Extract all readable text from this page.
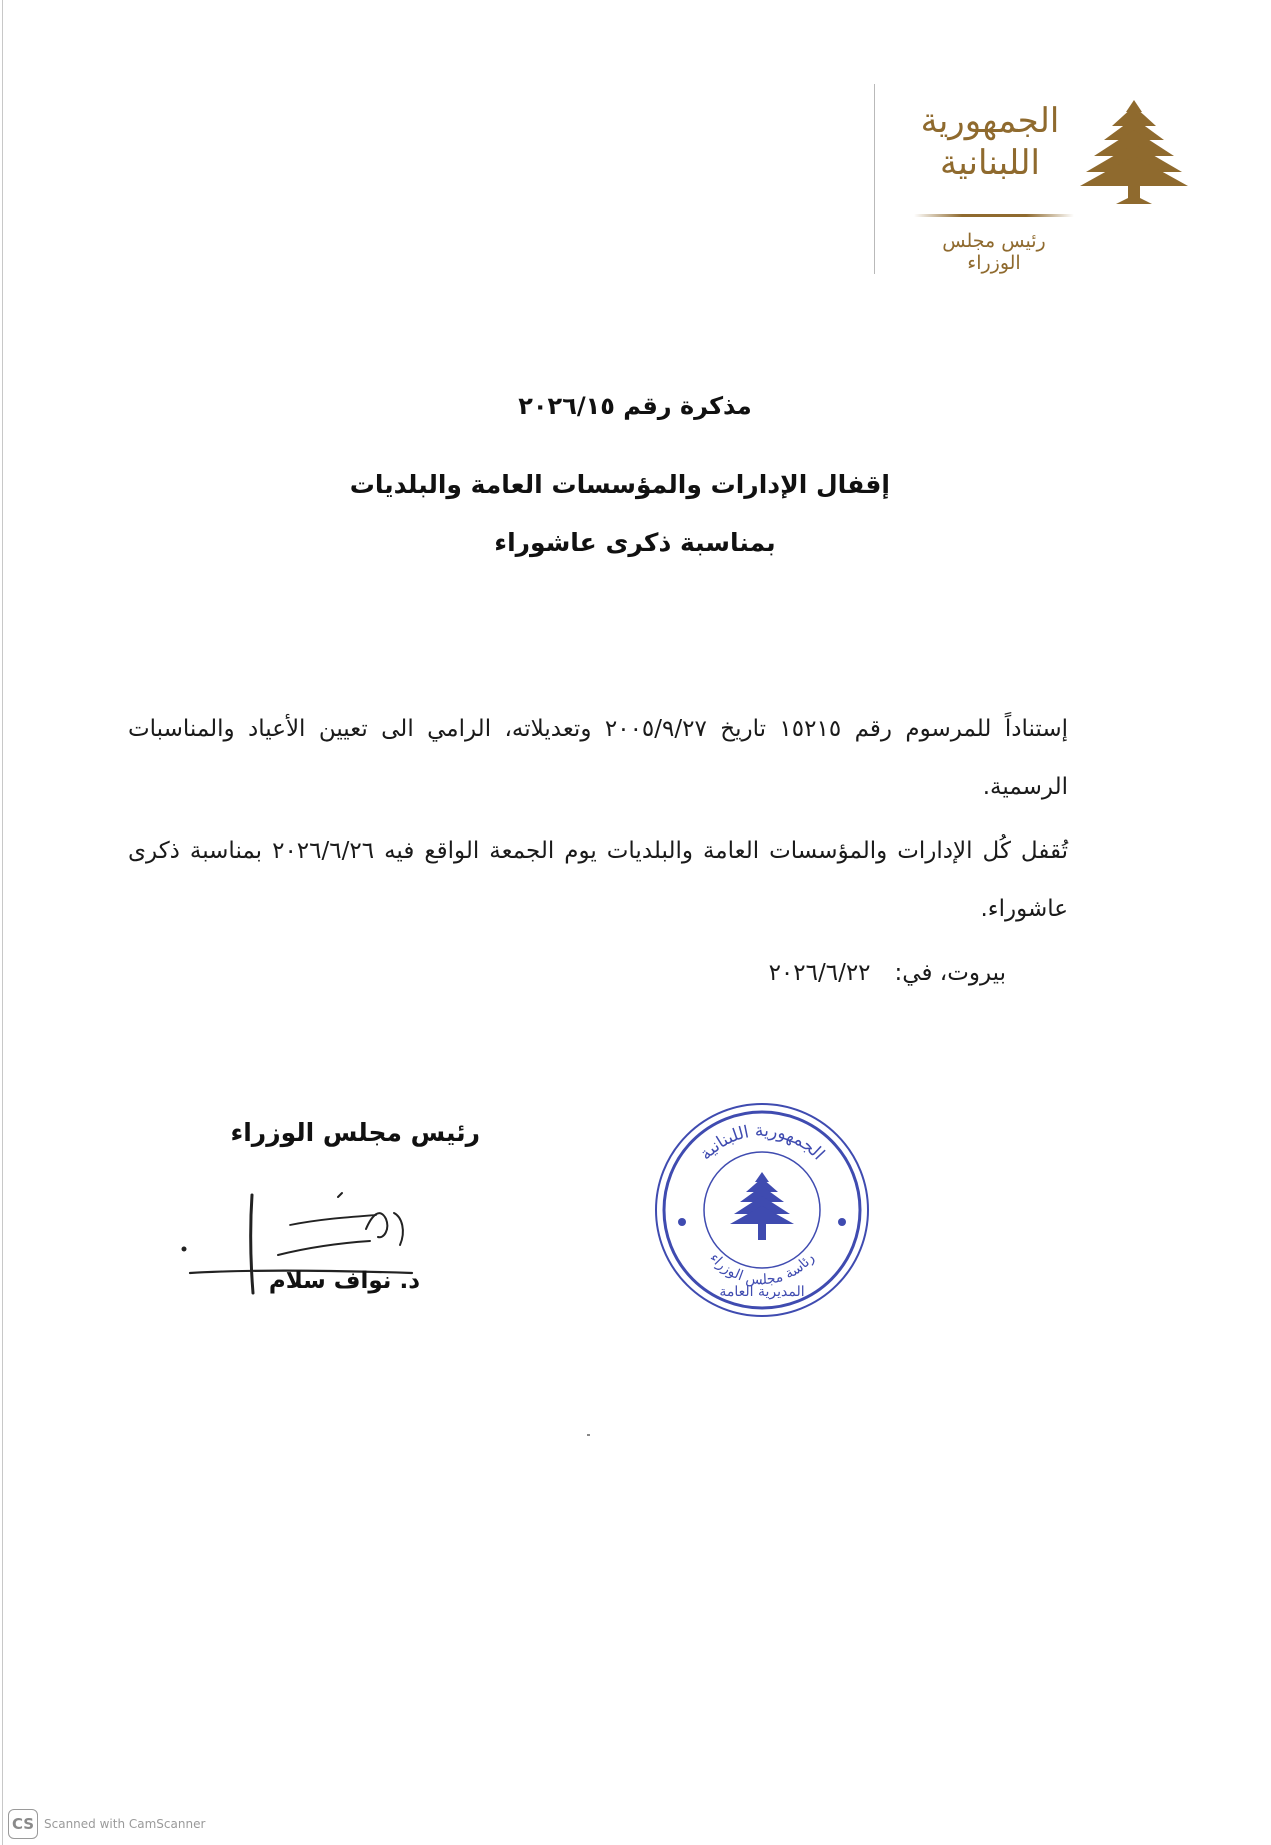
الجمهورية
اللبنانية
رئيس مجلس الوزراء
مذكرة رقم ٢٠٢٦/١٥
إقفال الإدارات والمؤسسات العامة والبلديات
بمناسبة ذكرى عاشوراء
إستناداً للمرسوم رقم ١٥٢١٥ تاريخ ٢٠٠٥/٩/٢٧ وتعديلاته، الرامي الى تعيين الأعياد والمناسبات الرسمية.
تُقفل كُل الإدارات والمؤسسات العامة والبلديات يوم الجمعة الواقع فيه ٢٠٢٦/٦/٢٦ بمناسبة ذكرى عاشوراء.
بيروت، في:٢٠٢٦/٦/٢٢
الجمهورية اللبنانية
رئاسة مجلس الوزراء
المديرية العامة
رئيس مجلس الوزراء
د. نواف سلام
CS Scanned with CamScanner
